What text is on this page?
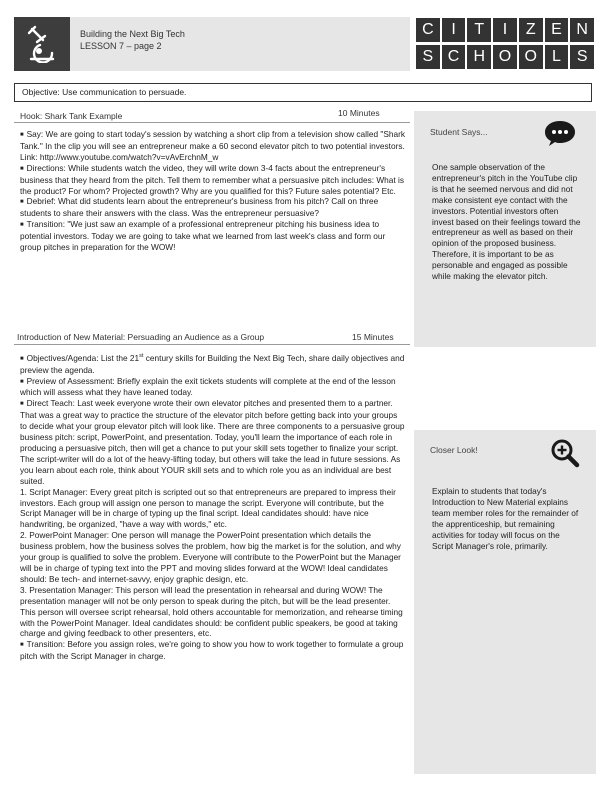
Building the Next Big Tech
LESSON 7 – page 2
C	I	T	I	Z E N
S C H O O L S
Objective: Use communication to persuade.
Hook: Shark Tank Example	10 Minutes

■ Say: We are going to start today's session by watching a short clip from a television show called "Shark Tank." In the clip you will see an entrepreneur make a 60 second elevator pitch to two potential investors. Link: http://www.youtube.com/watch?v=vAvErchnM_w

■ Directions: While students watch the video, they will write down 3-4 facts about the entrepreneur's business that they heard from the pitch. Tell them to remember what a persuasive pitch includes: What is the product? For whom? Projected growth? Why are you qualified for this? Future sales potential? Etc.

■ Debrief: What did students learn about the entrepreneur's business from his pitch? Call on three students to share their answers with the class. Was the entrepreneur persuasive?

■ Transition: "We just saw an example of a professional entrepreneur pitching his business idea to potential investors. Today we are going to take what we learned from last week's class and form our group pitches in preparation for the WOW!

Introduction of New Material: Persuading an Audience as a Group	15 Minutes

■ Objectives/Agenda: List the 21st century skills for Building the Next Big Tech, share daily objectives and preview the agenda.

■ Preview of Assessment: Briefly explain the exit tickets students will complete at the end of the lesson which will assess what they have leaned today.

■ Direct Teach: Last week everyone wrote their own elevator pitches and presented them to a partner. That was a great way to practice the structure of the elevator pitch before getting back into your groups to decide what your group elevator pitch will look like. There are three components to a persuasive group business pitch: script, PowerPoint, and presentation. Today, you'll learn the importance of each role in producing a persuasive pitch, then will get a chance to put your skill sets together to finalize your script. The script-writer will do a lot of the heavy-lifting today, but others will take the lead in future sessions. As you learn about each role, think about YOUR skill sets and to which role you as an individual are best suited.

1. Script Manager: Every great pitch is scripted out so that entrepreneurs are prepared to impress their investors. Each group will assign one person to manage the script. Everyone will contribute, but the Script Manager will be in charge of typing up the final script. Ideal candidates should: have nice handwriting, be organized, "have a way with words," etc.

2. PowerPoint Manager: One person will manage the PowerPoint presentation which details the business problem, how the business solves the problem, how big the market is for the solution, and why your group is qualified to solve the problem. Everyone will contribute to the PowerPoint but the Manager will be in charge of typing text into the PPT and moving slides forward at the WOW! Ideal candidates should: Be tech- and internet-savvy, enjoy graphic design, etc.

3. Presentation Manager: This person will lead the presentation in rehearsal and during WOW! The presentation manager will not be only person to speak during the pitch, but will be the lead presenter. This person will oversee script rehearsal, hold others accountable for memorization, and rehearse timing with the PowerPoint Manager. Ideal candidates should: be confident public speakers, be good at taking charge and giving feedback to other presenters, etc.

■ Transition: Before you assign roles, we're going to show you how to work together to formulate a group pitch with the Script Manager in charge.

Student Says...
One sample observation of the entrepreneur's pitch in the YouTube clip is that he seemed nervous and did not make consistent eye contact with the investors. Potential investors often invest based on their feelings toward the entrepreneur as well as based on their opinion of the proposed business. Therefore, it is important to be as personable and engaged as possible while making the elevator pitch.
Closer Look!
Explain to students that today's Introduction to New Material explains team member roles for the remainder of the apprenticeship, but remaining activities for today will focus on the Script Manager's role, primarily.
